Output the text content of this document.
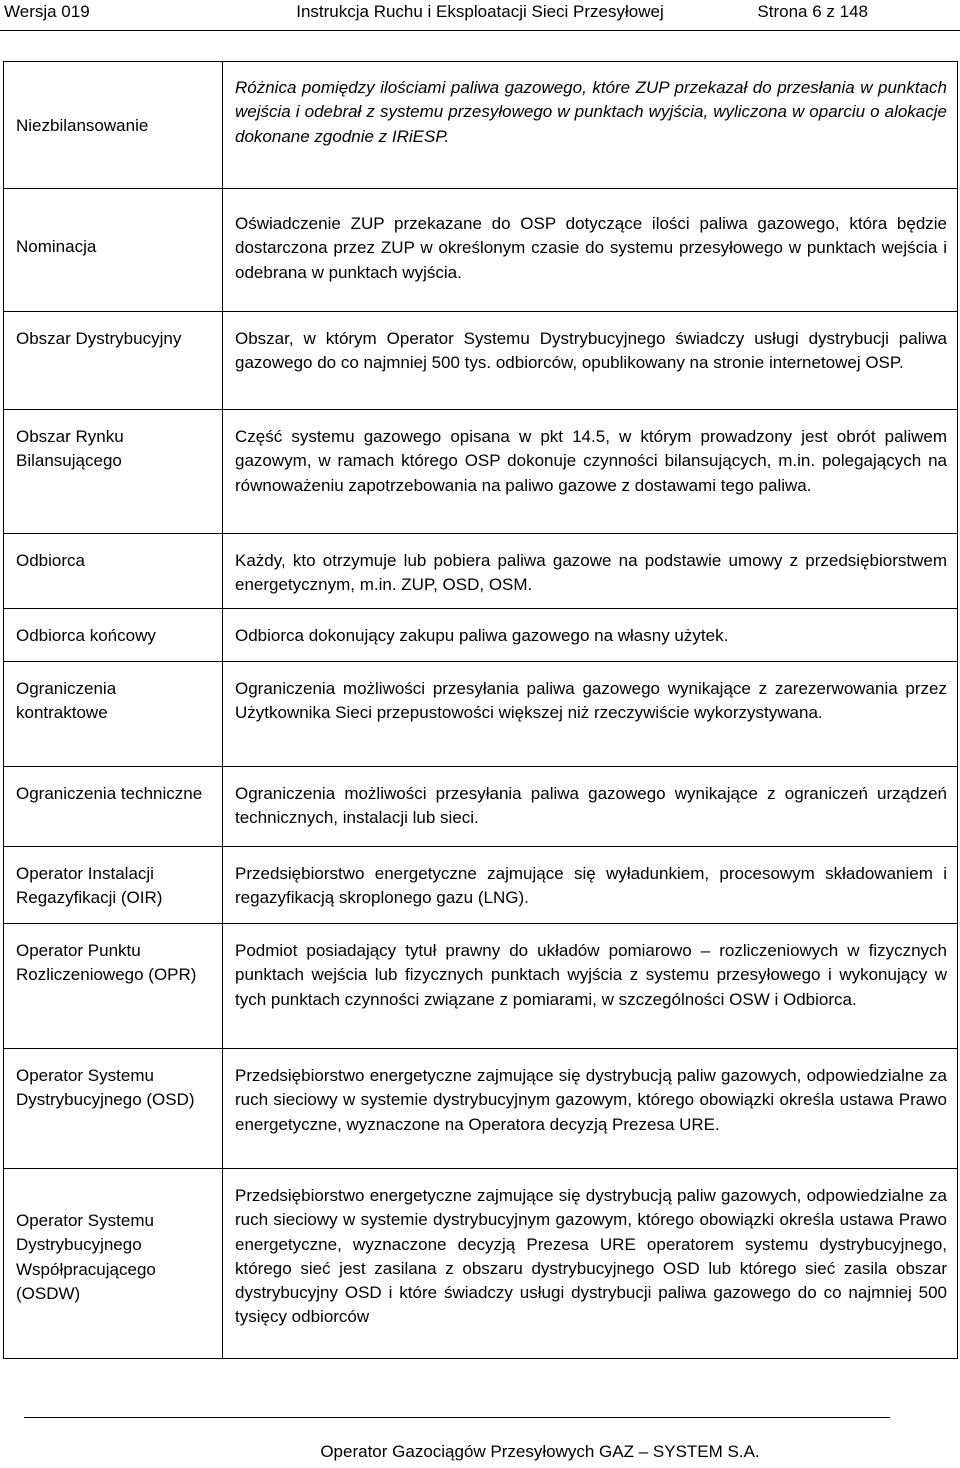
Wersja 019	Instrukcja Ruchu i Eksploatacji Sieci Przesyłowej	Strona 6 z 148
Niezbilansowanie	Różnica pomiędzy ilościami paliwa gazowego, które ZUP przekazał do przesłania w punktach wejścia i odebrał z systemu przesyłowego w punktach wyjścia, wyliczona w oparciu o alokacje dokonane zgodnie z IRiESP.

Nominacja	Oświadczenie ZUP przekazane do OSP dotyczące ilości paliwa gazowego, która będzie dostarczona przez ZUP w określonym czasie do systemu przesyłowego w punktach wejścia i odebrana w punktach wyjścia.

Obszar Dystrybucyjny	Obszar, w którym Operator Systemu Dystrybucyjnego świadczy usługi dystrybucji paliwa gazowego do co najmniej 500 tys. odbiorców, opublikowany na stronie internetowej OSP.

Obszar Rynku Bilansującego	Część systemu gazowego opisana w pkt 14.5, w którym prowadzony jest obrót paliwem gazowym, w ramach którego OSP dokonuje czynności bilansujących, m.in. polegających na równoważeniu zapotrzebowania na paliwo gazowe z dostawami tego paliwa.

Odbiorca	Każdy, kto otrzymuje lub pobiera paliwa gazowe na podstawie umowy z przedsiębiorstwem energetycznym, m.in. ZUP, OSD, OSM.

Odbiorca końcowy	Odbiorca dokonujący zakupu paliwa gazowego na własny użytek.

Ograniczenia kontraktowe	Ograniczenia możliwości przesyłania paliwa gazowego wynikające z zarezerwowania przez Użytkownika Sieci przepustowości większej niż rzeczywiście wykorzystywana.

Ograniczenia techniczne	Ograniczenia możliwości przesyłania paliwa gazowego wynikające z ograniczeń urządzeń technicznych, instalacji lub sieci.

Operator Instalacji Regazyfikacji (OIR)	Przedsiębiorstwo energetyczne zajmujące się wyładunkiem, procesowym składowaniem i regazyfikacją skroplonego gazu (LNG).

Operator Punktu Rozliczeniowego (OPR)	Podmiot posiadający tytuł prawny do układów pomiarowo – rozliczeniowych w fizycznych punktach wejścia lub fizycznych punktach wyjścia z systemu przesyłowego i wykonujący w tych punktach czynności związane z pomiarami, w szczególności OSW i Odbiorca.

Operator Systemu Dystrybucyjnego (OSD)	Przedsiębiorstwo energetyczne zajmujące się dystrybucją paliw gazowych, odpowiedzialne za ruch sieciowy w systemie dystrybucyjnym gazowym, którego obowiązki określa ustawa Prawo energetyczne, wyznaczone na Operatora decyzją Prezesa URE.

Operator Systemu Dystrybucyjnego Współpracującego (OSDW)	Przedsiębiorstwo energetyczne zajmujące się dystrybucją paliw gazowych, odpowiedzialne za ruch sieciowy w systemie dystrybucyjnym gazowym, którego obowiązki określa ustawa Prawo energetyczne, wyznaczone decyzją Prezesa URE operatorem systemu dystrybucyjnego, którego sieć jest zasilana z obszaru dystrybucyjnego OSD lub którego sieć zasila obszar dystrybucyjny OSD i które świadczy usługi dystrybucji paliwa gazowego do co najmniej 500 tysięcy odbiorców
Operator Gazociągów Przesyłowych GAZ – SYSTEM S.A.
